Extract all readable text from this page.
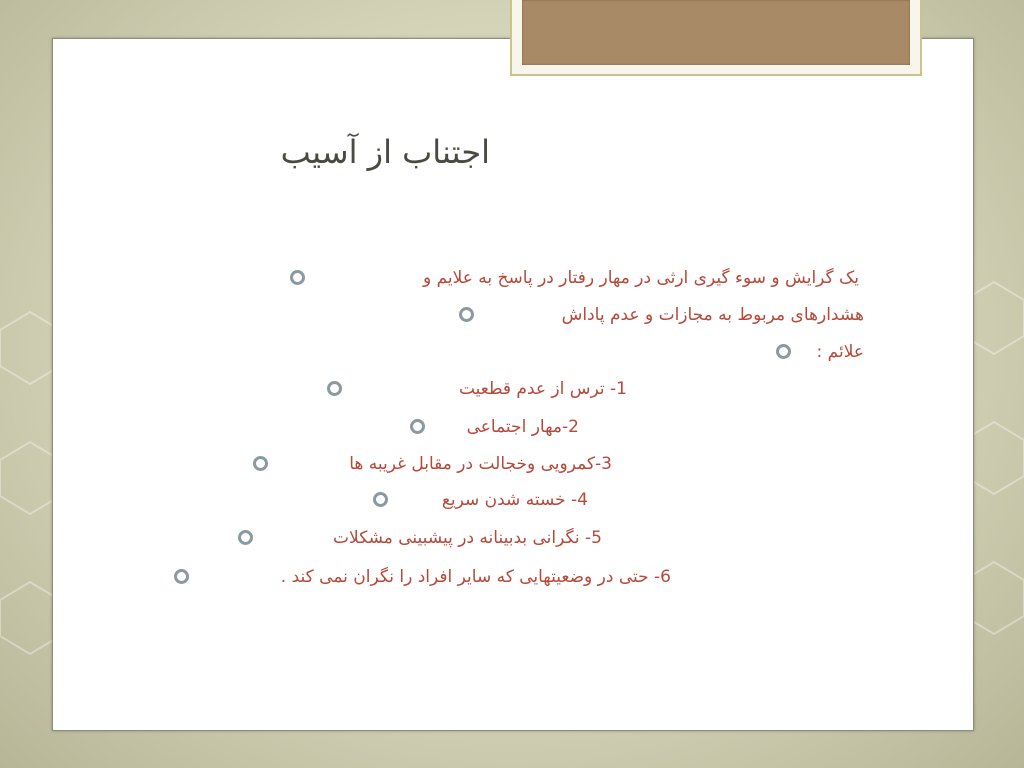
اجتناب از آسیب
یک گرایش و سوء گیری ارثی در مهار رفتار در پاسخ به علایم و
هشدارهای مربوط به مجازات و عدم پاداش
علائم :
1- ترس از عدم قطعیت
2-مهار اجتماعی
3-کمرویی وخجالت در مقابل غریبه ها
4- خسته شدن سریع
5- نگرانی بدبینانه در پیشبینی مشکلات
6- حتی در وضعیتهایی که سایر افراد را نگران نمی کند .
